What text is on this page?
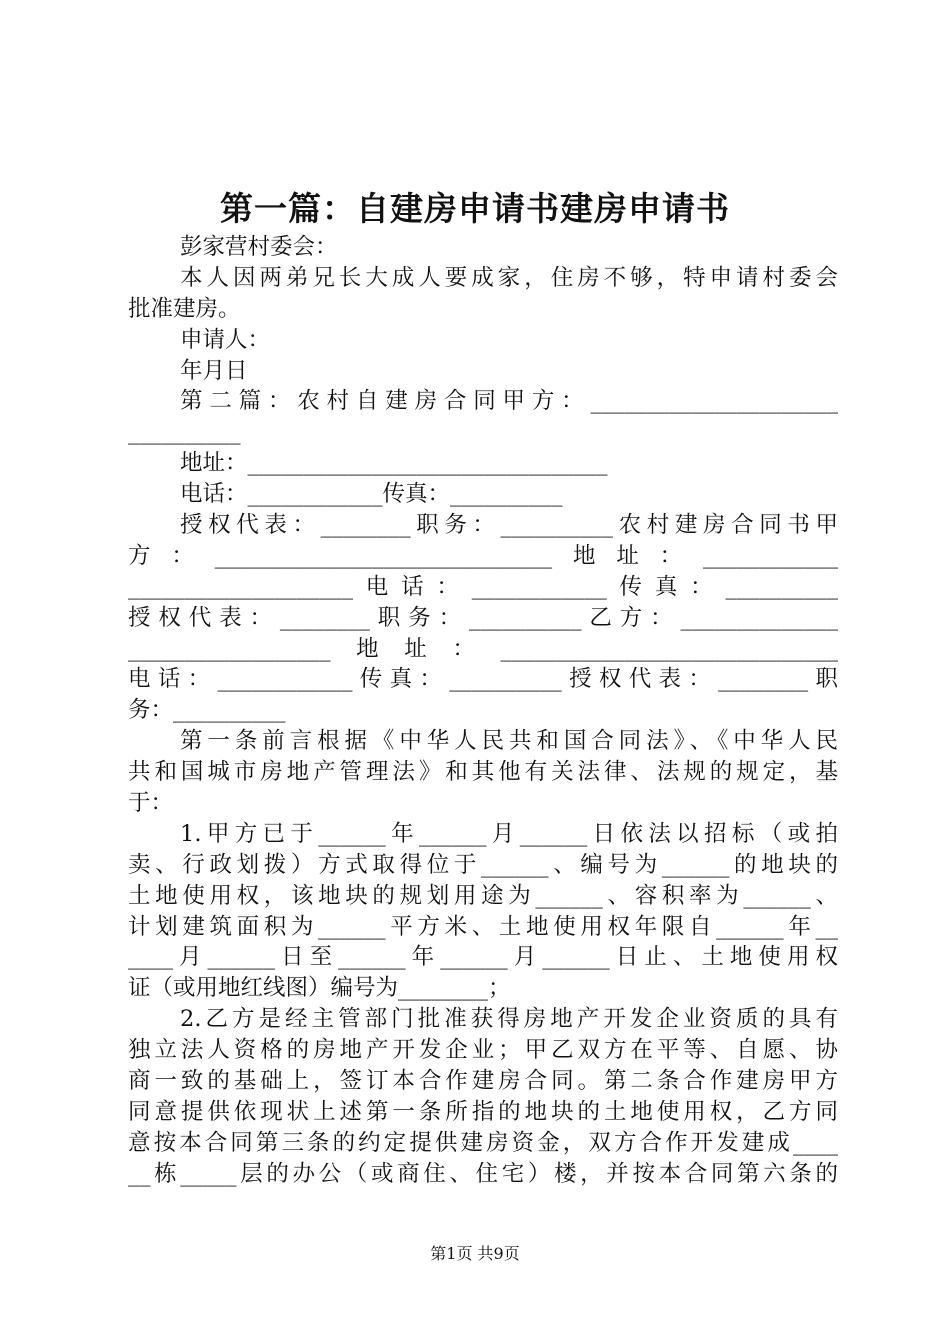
第一篇：自建房申请书建房申请书
彭家营村委会：
本人因两弟兄长大成人要成家，住房不够，特申请村委会
批准建房。
申请人：
年月日
第二篇：农村自建房合同甲方：______________________
__________
地址：________________________________
电话：____________传真：__________
授权代表：________职务：__________农村建房合同书甲
方：______________________________地址：____________
____________________电话：____________传真：__________
授权代表：________职务：__________乙方：______________
__________________地址：______________________________
电话：____________传真：__________授权代表：________职
务：__________
第一条前言根据《中华人民共和国合同法》、《中华人民
共和国城市房地产管理法》和其他有关法律、法规的规定，基
于：
1.甲方已于______年______月______日依法以招标（或拍
卖、行政划拨）方式取得位于______、编号为______的地块的
土地使用权，该地块的规划用途为______、容积率为______、
计划建筑面积为______平方米、土地使用权年限自______年__
____月______日至______年______月______日止、土地使用权
证（或用地红线图）编号为________；
2.乙方是经主管部门批准获得房地产开发企业资质的具有
独立法人资格的房地产开发企业；甲乙双方在平等、自愿、协
商一致的基础上，签订本合作建房合同。第二条合作建房甲方
同意提供依现状上述第一条所指的地块的土地使用权，乙方同
意按本合同第三条的约定提供建房资金，双方合作开发建成____
__栋_____层的办公（或商住、住宅）楼，并按本合同第六条的
第1页 共9页
